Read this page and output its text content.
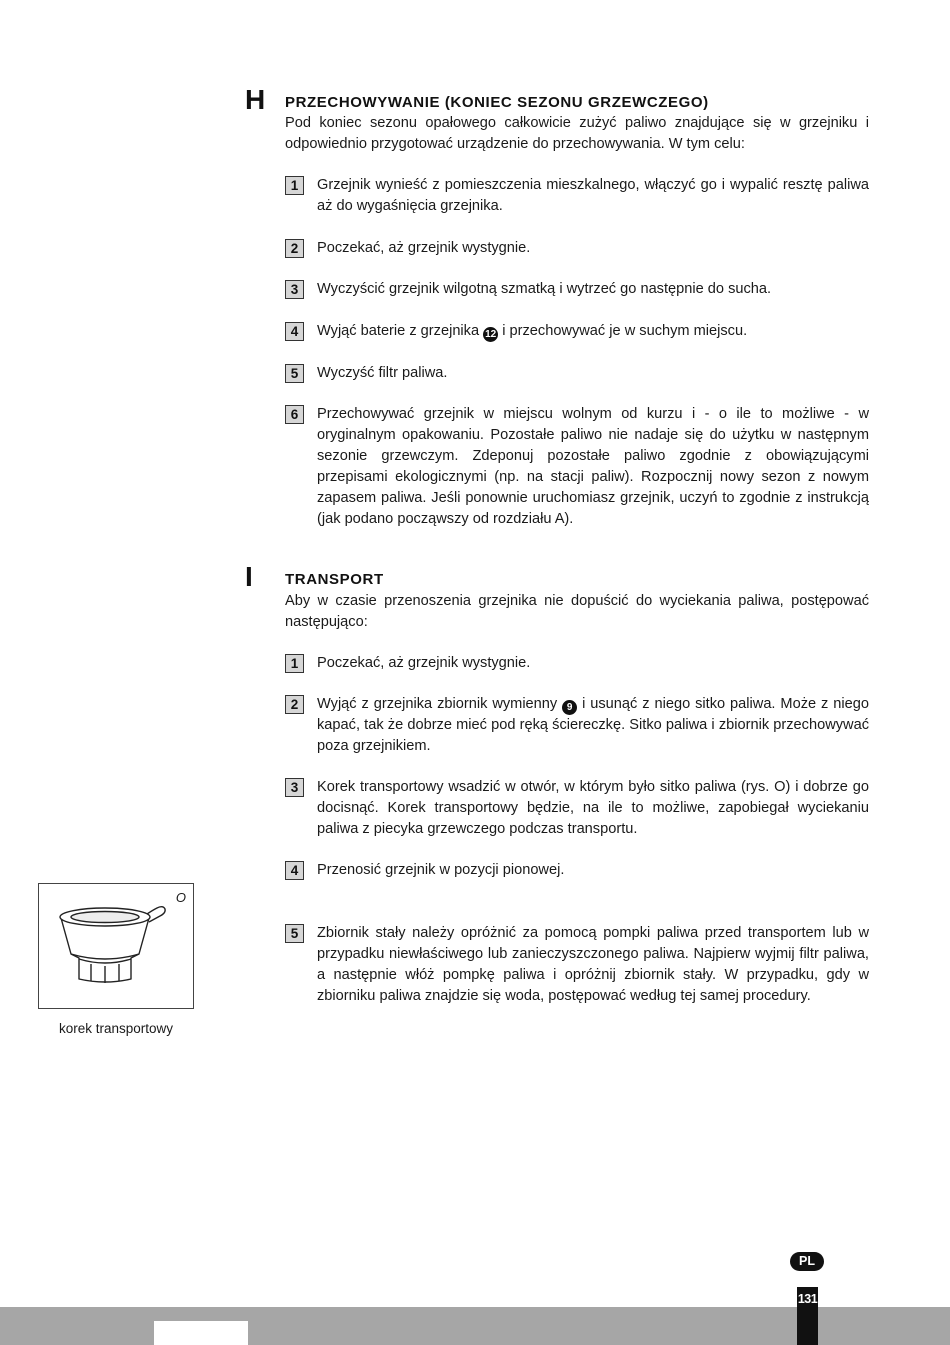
H PRZECHOWYWANIE (KONIEC SEZONU GRZEWCZEGO)
Pod koniec sezonu opałowego całkowicie zużyć paliwo znajdujące się w grzejniku i odpowiednio przygotować urządzenie do przechowywania. W tym celu:
1	Grzejnik wynieść z pomieszczenia mieszkalnego, włączyć go i wypalić resztę paliwa aż do wygaśnięcia grzejnika.
2	Poczekać, aż grzejnik wystygnie.
3	Wyczyścić grzejnik wilgotną szmatką i wytrzeć go następnie do sucha.
4	Wyjąć baterie z grzejnika 12 i przechowywać je w suchym miejscu.
5	Wyczyść filtr paliwa.
6	Przechowywać grzejnik w miejscu wolnym od kurzu i - o ile to możliwe - w oryginalnym opakowaniu. Pozostałe paliwo nie nadaje się do użytku w następnym sezonie grzewczym. Zdeponuj pozostałe paliwo zgodnie z obowiązującymi przepisami ekologicznymi (np. na stacji paliw). Rozpocznij nowy sezon z nowym zapasem paliwa. Jeśli ponownie uruchomiasz grzejnik, uczyń to zgodnie z instrukcją (jak podano począwszy od rozdziału A).
I TRANSPORT
Aby w czasie przenoszenia grzejnika nie dopuścić do wyciekania paliwa, postępować następująco:
1	Poczekać, aż grzejnik wystygnie.
2	Wyjąć z grzejnika zbiornik wymienny 9 i usunąć z niego sitko paliwa. Może z niego kapać, tak że dobrze mieć pod ręką ściereczkę. Sitko paliwa i zbiornik przechowywać poza grzejnikiem.
3	Korek transportowy wsadzić w otwór, w którym było sitko paliwa (rys. O) i dobrze go docisnąć. Korek transportowy będzie, na ile to możliwe, zapobiegał wyciekaniu paliwa z piecyka grzewczego podczas transportu.
4	Przenosić grzejnik w pozycji pionowej.
5	Zbiornik stały należy opróżnić za pomocą pompki paliwa przed transportem lub w przypadku niewłaściwego lub zanieczyszczonego paliwa. Najpierw wyjmij filtr paliwa, a następnie włóż pompkę paliwa i opróżnij zbiornik stały. W przypadku, gdy w zbiorniku paliwa znajdzie się woda, postępować według tej samej procedury.
O
korek transportowy
PL
131
